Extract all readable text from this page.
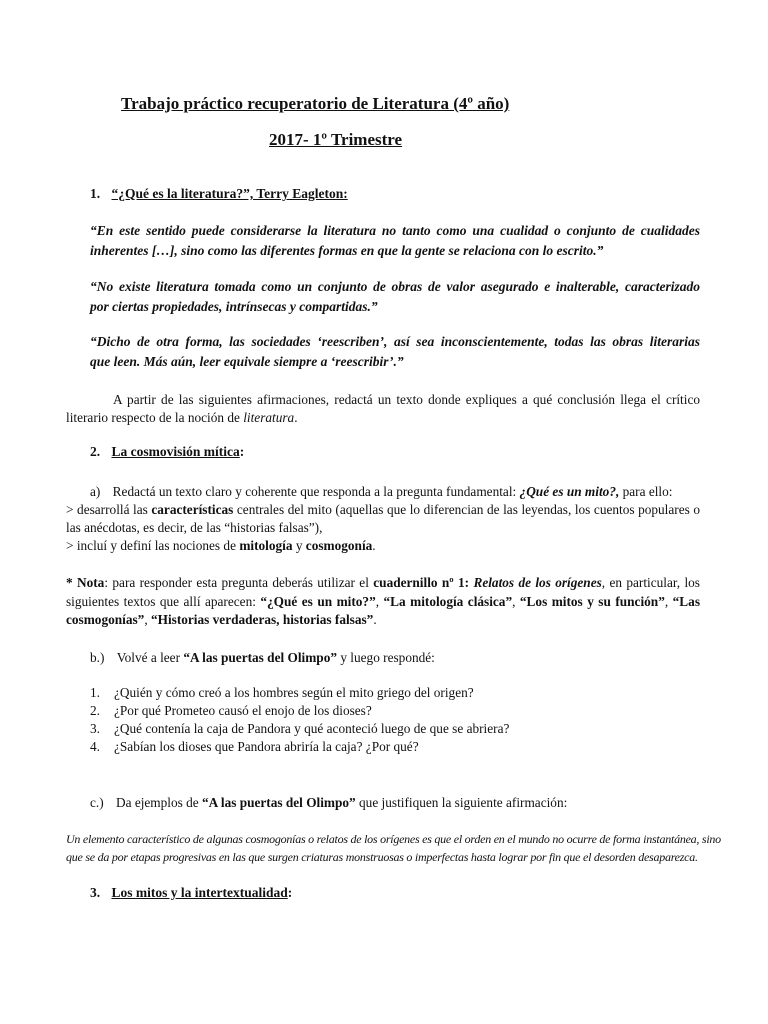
Trabajo práctico recuperatorio de Literatura (4º año)
2017- 1º Trimestre
1. “¿Qué es la literatura?”, Terry Eagleton:
“En este sentido puede considerarse la literatura no tanto como una cualidad o conjunto de cualidades
inherentes […], sino como las diferentes formas en que la gente se relaciona con lo escrito.”
“No existe literatura tomada como un conjunto de obras de valor asegurado e inalterable, caracterizado
por ciertas propiedades, intrínsecas y compartidas.”
“Dicho de otra forma, las sociedades ‘reescriben’, así sea inconscientemente, todas las obras literarias
que leen. Más aún, leer equivale siempre a ‘reescribir’.”
A partir de las siguientes afirmaciones, redactá un texto donde expliques a qué conclusión llega el crítico
literario respecto de la noción de literatura.
2. La cosmovisión mítica:
a) Redactá un texto claro y coherente que responda a la pregunta fundamental: ¿Qué es un mito?, para ello:
> desarrollá las características centrales del mito (aquellas que lo diferencian de las leyendas, los cuentos populares o
las anécdotas, es decir, de las “historias falsas”),
> incluí y definí las nociones de mitología y cosmogonía.
* Nota: para responder esta pregunta deberás utilizar el cuadernillo nº 1: Relatos de los orígenes, en particular, los
siguientes textos que allí aparecen: “¿Qué es un mito?”, “La mitología clásica”, “Los mitos y su función”, “Las
cosmogonías”, “Historias verdaderas, historias falsas”.
b.) Volvé a leer “A las puertas del Olimpo” y luego respondé:
1. ¿Quién y cómo creó a los hombres según el mito griego del origen?
2. ¿Por qué Prometeo causó el enojo de los dioses?
3. ¿Qué contenía la caja de Pandora y qué aconteció luego de que se abriera?
4. ¿Sabían los dioses que Pandora abriría la caja? ¿Por qué?
c.) Da ejemplos de “A las puertas del Olimpo” que justifiquen la siguiente afirmación:
Un elemento característico de algunas cosmogonías o relatos de los orígenes es que el orden en el mundo no ocurre de forma instantánea, sino
que se da por etapas progresivas en las que surgen criaturas monstruosas o imperfectas hasta lograr por fin que el desorden desaparezca.
3. Los mitos y la intertextualidad:
